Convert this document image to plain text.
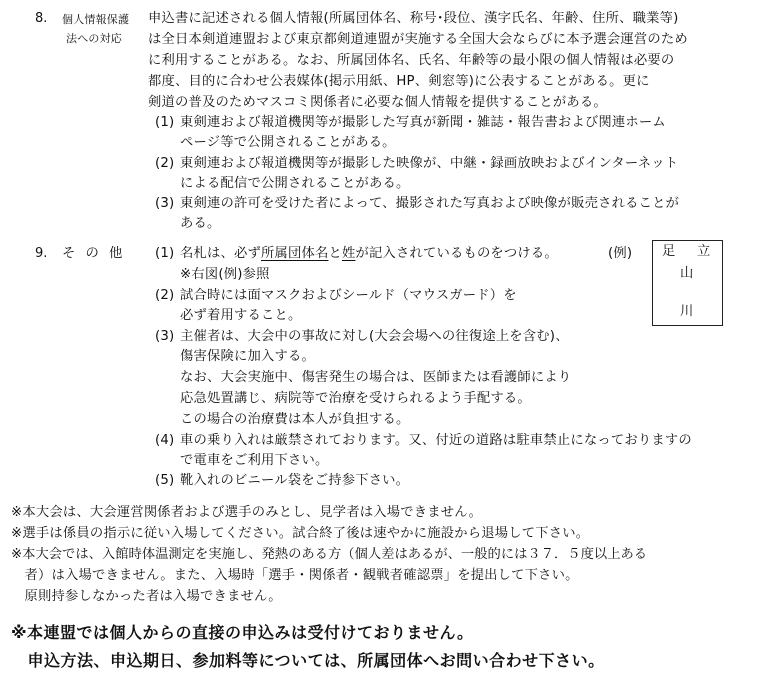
8. 個人情報保護
法への対応
申込書に記述される個人情報(所属団体名、称号･段位、漢字氏名、年齢、住所、職業等)
は全日本剣道連盟および東京都剣道連盟が実施する全国大会ならびに本予選会運営のため
に利用することがある。なお、所属団体名、氏名、年齢等の最小限の個人情報は必要の
都度、目的に合わせ公表媒体(掲示用紙、HP、剣窓等)に公表することがある。更に
剣道の普及のためマスコミ関係者に必要な個人情報を提供することがある。
(1) 東剣連および報道機関等が撮影した写真が新聞・雑誌・報告書および関連ホーム
ページ等で公開されることがある。
(2) 東剣連および報道機関等が撮影した映像が、中継・録画放映およびインターネット
による配信で公開されることがある。
(3) 東剣連の許可を受けた者によって、撮影された写真および映像が販売されることが
ある。
9. そ の 他 (1) 名札は、必ず所属団体名と姓が記入されているものをつける。	(例)
※右図(例)参照
足 立
山
川
(2) 試合時には面マスクおよびシールド（マウスガード）を
必ず着用すること。
(3) 主催者は、大会中の事故に対し(大会会場への往復途上を含む)、
傷害保険に加入する。
なお、大会実施中、傷害発生の場合は、医師または看護師により
応急処置講じ、病院等で治療を受けられるよう手配する。
この場合の治療費は本人が負担する。
(4) 車の乗り入れは厳禁されております。又、付近の道路は駐車禁止になっておりますの
で電車をご利用下さい。
(5) 靴入れのビニール袋をご持参下さい。
※本大会は、大会運営関係者および選手のみとし、見学者は入場できません。
※選手は係員の指示に従い入場してください。試合終了後は速やかに施設から退場して下さい。
※本大会では、入館時体温測定を実施し、発熱のある方（個人差はあるが、一般的には３７．５度以上ある
　者）は入場できません。また、入場時「選手・関係者・観戦者確認票」を提出して下さい。
　原則持参しなかった者は入場できません。
※本連盟では個人からの直接の申込みは受付けておりません。
　申込方法、申込期日、参加料等については、所属団体へお問い合わせ下さい。
